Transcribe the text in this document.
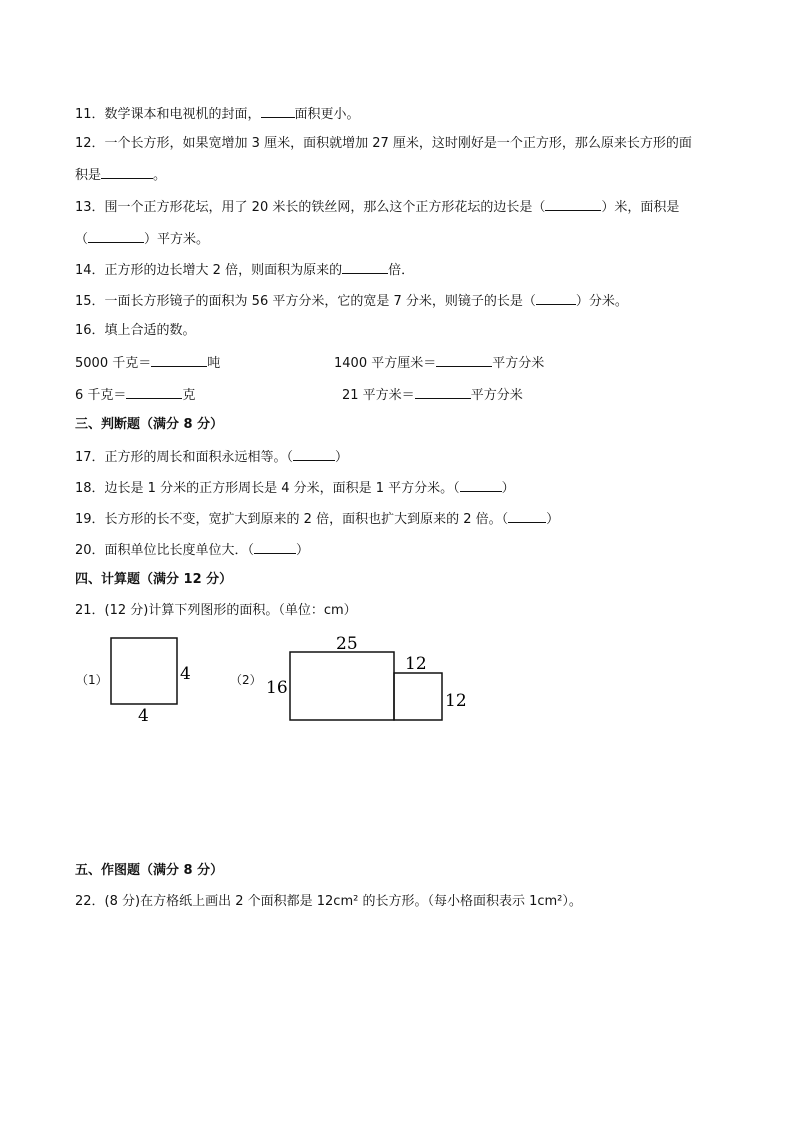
11．数学课本和电视机的封面，	面积更小。
12．一个长方形，如果宽增加 3 厘米，面积就增加 27 厘米，这时刚好是一个正方形，那么原来长方形的面
积是	。
13．围一个正方形花坛，用了 20 米长的铁丝网，那么这个正方形花坛的边长是（	）米，面积是
（	）平方米。
14．正方形的边长增大 2 倍，则面积为原来的	倍．
15．一面长方形镜子的面积为 56 平方分米，它的宽是 7 分米，则镜子的长是（	）分米。
16．填上合适的数。
5000 千克＝	吨	1400 平方厘米＝	平方分米
6 千克＝	克	21 平方米＝	平方分米
三、判断题（满分 8 分）
17．正方形的周长和面积永远相等。（	）
18．边长是 1 分米的正方形周长是 4 分米，面积是 1 平方分米。（	）
19．长方形的长不变，宽扩大到原来的 2 倍，面积也扩大到原来的 2 倍。（	）
20．面积单位比长度单位大．（	）
四、计算题（满分 12 分）
21．(12 分)计算下列图形的面积。（单位：cm）
（1）	4
4
（2）
25
16
12
12
五、作图题（满分 8 分）
22．(8 分)在方格纸上画出 2 个面积都是 12cm² 的长方形。（每小格面积表示 1cm²）。
